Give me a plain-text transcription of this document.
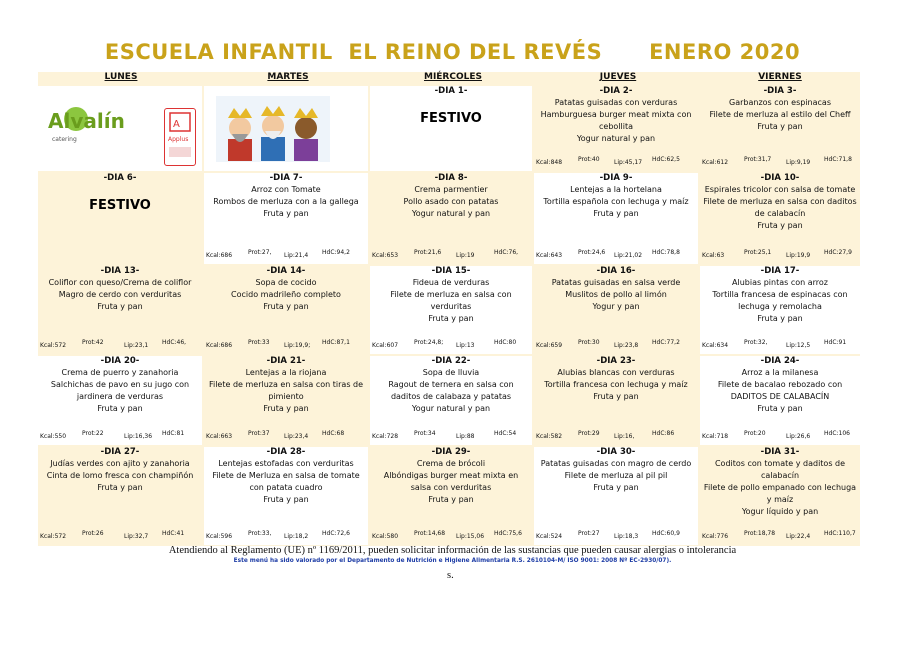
ESCUELA INFANTIL  EL REINO DEL REVÉS      ENERO 2020
LUNES	MARTES	MIÉRCOLES	JUEVES	VIERNES
-DÍA 1-
FESTIVO
-DÍA 2-
Patatas guisadas con verduras
Hamburguesa burger meat mixta con cebollita
Yogur natural y pan
Kcal:848	Prot:40 Lip:45,17 HdC:62,5
-DÍA 3-
Garbanzos con espinacas
Filete de merluza al estilo del Cheff
Fruta y pan
Kcal:612	Prot:31,7 Lip:9,19 HdC:71,8
-DÍA 6-
FESTIVO
-DÍA 7-
Arroz con Tomate
Rombos de merluza con a la gallega
Fruta y pan
Kcal:686	Prot:27, Lip:21,4 HdC:94,2
-DÍA 8-
Crema parmentier
Pollo asado con patatas
Yogur natural y pan
Kcal:653	Prot:21,6 Lip:19	HdC:76,
-DÍA 9-
Lentejas a la hortelana
Tortilla española con lechuga y maíz
Fruta y pan
Kcal:643	Prot:24,6 Lip:21,02 HdC:78,8
-DÍA 10-
Espirales tricolor con salsa de tomate
Filete de merluza en salsa con daditos de calabacín
Fruta y pan
Kcal:63	Prot:25,1 Lip:19,9 HdC:27,9
-DÍA 13-
Coliflor con queso/Crema de coliflor
Magro de cerdo con verduritas
Fruta y pan
Kcal:572	Prot:42	Lip:23,1 HdC:46,
-DÍA 14-
Sopa de cocido
Cocido madrileño completo
Fruta y pan
Kcal:686	Prot:33 Lip:19,9; HdC:87,1
-DÍA 15-
Fideua de verduras
Filete de merluza en salsa con verduritas
Fruta y pan
Kcal:607	Prot:24,8; Lip:13	HdC:80
-DÍA 16-
Patatas guisadas en salsa verde
Muslitos de pollo al limón
Yogur y pan
Kcal:659	Prot:30 Lip:23,8 HdC:77,2
-DÍA 17-
Alubias pintas con arroz
Tortilla francesa de espinacas con lechuga y remolacha
Fruta y pan
Kcal:634	Prot:32,	Lip:12,5 HdC:91
-DÍA 20-
Crema de puerro y zanahoria
Salchichas de pavo en su jugo con jardinera de verduras
Fruta y pan
Kcal:550	Prot:22	Lip:16,36 HdC:81
-DÍA 21-
Lentejas a la riojana
Filete de merluza en salsa con tiras de pimiento
Fruta y pan
Kcal:663	Prot:37 Lip:23,4 HdC:68
-DÍA 22-
Sopa de lluvia
Ragout de ternera en salsa con daditos de calabaza y patatas
Yogur natural y pan
Kcal:728	Prot:34	Lip:88	HdC:54
-DÍA 23-
Alubias blancas con verduras
Tortilla francesa con lechuga y maíz
Fruta y pan
Kcal:582	Prot:29 Lip:16,	HdC:86
-DÍA 24-
Arroz a la milanesa
Filete de bacalao rebozado con DADITOS DE CALABACÍN
Fruta y pan
Kcal:718	Prot:20	Lip:26,6 HdC:106
-DÍA 27-
Judías verdes con ajito y zanahoria
Cinta de lomo fresca con champiñón
Fruta y pan
Kcal:572	Prot:26	Lip:32,7 HdC:41
-DÍA 28-
Lentejas estofadas con verduritas
Filete de Merluza en salsa de tomate con patata cuadro
Fruta y pan
Kcal:596	Prot:33, Lip:18,2 HdC:72,6
-DÍA 29-
Crema de brócoli
Albóndigas burger meat mixta en salsa con verduritas
Fruta y pan
Kcal:580	Prot:14,68 Lip:15,06 HdC:75,6
-DÍA 30-
Patatas guisadas con magro de cerdo
Filete de merluza al pil pil
Fruta y pan
Kcal:524	Prot:27 Lip:18,3 HdC:60,9
-DÍA 31-
Coditos con tomate y daditos de calabacín
Filete de pollo empanado con lechuga y maíz
Yogur líquido y pan
Kcal:776	Prot:18,78 Lip:22,4 HdC:110,7
Alvalín
catering
A
Applus
Atendiendo al Reglamento (UE) nº 1169/2011, pueden solicitar información de las sustancias que pueden causar alergias o intolerancia
Este menú ha sido valorado por el Departamento de Nutrición e Higiene Alimentaria R.S. 2610104-M/ ISO 9001: 2008 Nº EC-2930/07).
s.
